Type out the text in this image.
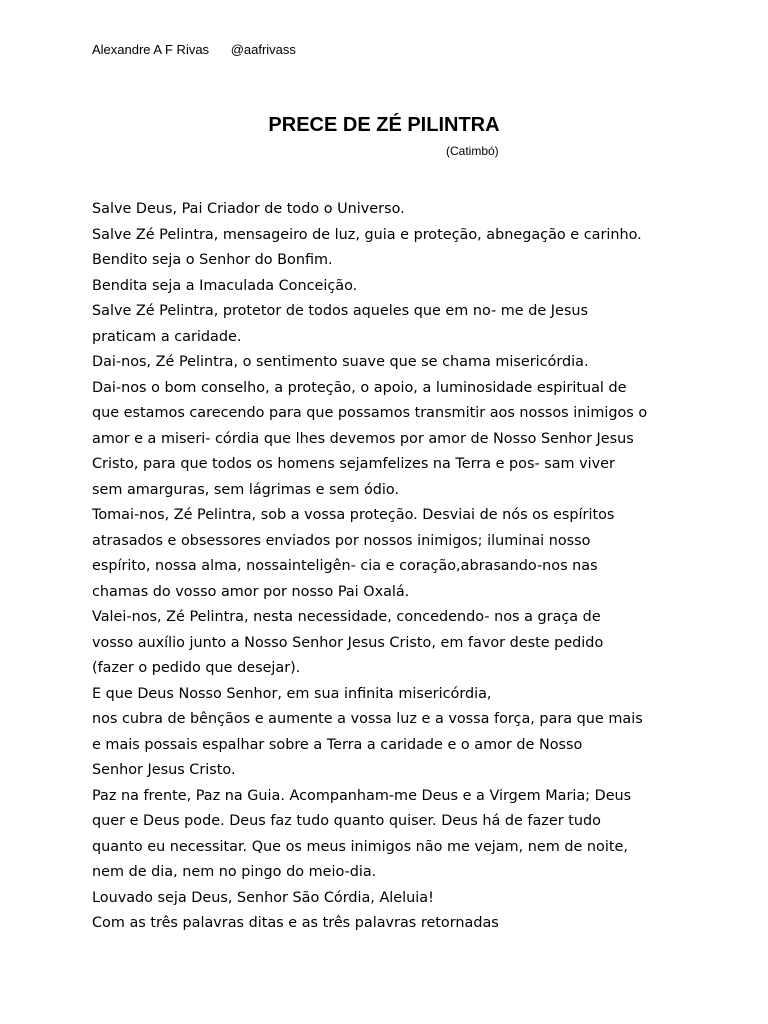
Alexandre A F Rivas @aafrivass
PRECE DE ZÉ PILINTRA

(Catimbó)

Salve Deus, Pai Criador de todo o Universo.
Salve Zé Pelintra, mensageiro de luz, guia e proteção, abnegação e carinho.
Bendito seja o Senhor do Bonfim.
Bendita seja a Imaculada Conceição.
Salve Zé Pelintra, protetor de todos aqueles que em no- me de Jesus
praticam a caridade.
Dai-nos, Zé Pelintra, o sentimento suave que se chama misericórdia.
Dai-nos o bom conselho, a proteção, o apoio, a luminosidade espiritual de
que estamos carecendo para que possamos transmitir aos nossos inimigos o
amor e a miseri- córdia que lhes devemos por amor de Nosso Senhor Jesus
Cristo, para que todos os homens sejamfelizes na Terra e pos- sam viver
sem amarguras, sem lágrimas e sem ódio.
Tomai-nos, Zé Pelintra, sob a vossa proteção. Desviai de nós os espíritos
atrasados e obsessores enviados por nossos inimigos; iluminai nosso
espírito, nossa alma, nossainteligên- cia e coração,abrasando-nos nas
chamas do vosso amor por nosso Pai Oxalá.
Valei-nos, Zé Pelintra, nesta necessidade, concedendo- nos a graça de
vosso auxílio junto a Nosso Senhor Jesus Cristo, em favor deste pedido
(fazer o pedido que desejar).
E que Deus Nosso Senhor, em sua infinita misericórdia,
nos cubra de bênçãos e aumente a vossa luz e a vossa força, para que mais
e mais possais espalhar sobre a Terra a caridade e o amor de Nosso
Senhor Jesus Cristo.
Paz na frente, Paz na Guia. Acompanham-me Deus e a Virgem Maria; Deus
quer e Deus pode. Deus faz tudo quanto quiser. Deus há de fazer tudo
quanto eu necessitar. Que os meus inimigos não me vejam, nem de noite,
nem de dia, nem no pingo do meio-dia.
Louvado seja Deus, Senhor São Córdia, Aleluia!
Com as três palavras ditas e as três palavras retornadas
